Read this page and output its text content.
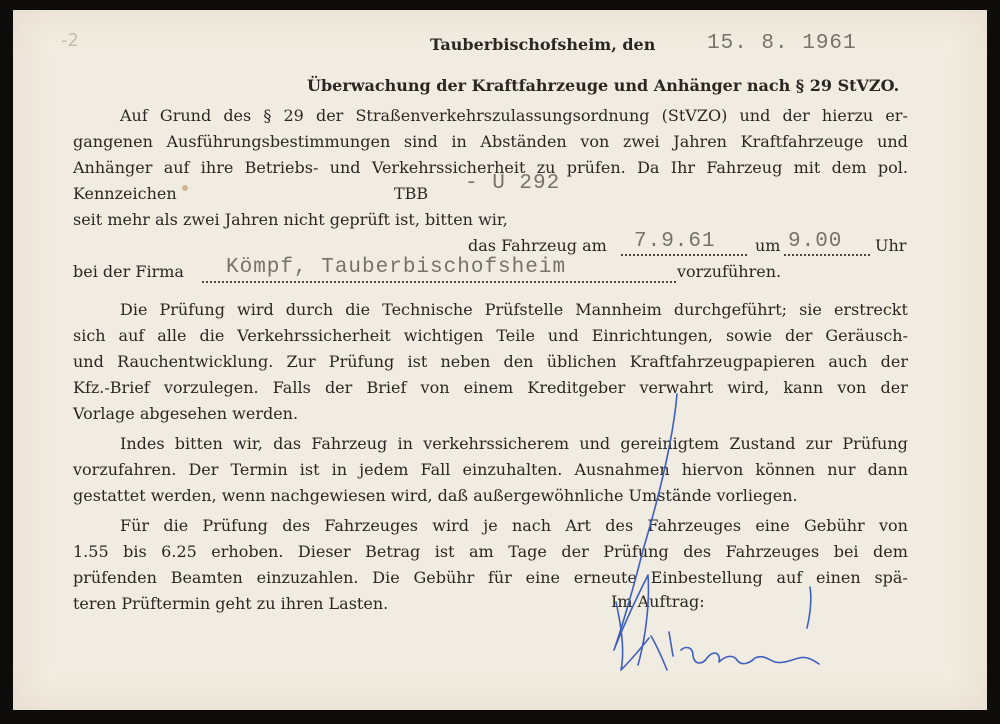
-2	Tauberbischofsheim, den 15. 8. 1961
Überwachung der Kraftfahrzeuge und Anhänger nach § 29 StVZO.
Auf Grund des § 29 der Straßenverkehrszulassungsordnung (StVZO) und der hierzu er-
gangenen Ausführungsbestimmungen sind in Abständen von zwei Jahren Kraftfahrzeuge und
Anhänger auf ihre Betriebs- und Verkehrssicherheit zu prüfen. Da Ihr Fahrzeug mit dem pol.
Kennzeichen	TBB - U 292
seit mehr als zwei Jahren nicht geprüft ist, bitten wir,
das Fahrzeug am 7.9.61 um 9.00 Uhr
bei der Firma Kömpf, Tauberbischofsheim	vorzuführen.
Die Prüfung wird durch die Technische Prüfstelle Mannheim durchgeführt; sie erstreckt
sich auf alle die Verkehrssicherheit wichtigen Teile und Einrichtungen, sowie der Geräusch-
und Rauchentwicklung. Zur Prüfung ist neben den üblichen Kraftfahrzeugpapieren auch der
Kfz.-Brief vorzulegen. Falls der Brief von einem Kreditgeber verwahrt wird, kann von der
Vorlage abgesehen werden.
Indes bitten wir, das Fahrzeug in verkehrssicherem und gereinigtem Zustand zur Prüfung
vorzufahren. Der Termin ist in jedem Fall einzuhalten. Ausnahmen hiervon können nur dann
gestattet werden, wenn nachgewiesen wird, daß außergewöhnliche Umstände vorliegen.
Für die Prüfung des Fahrzeuges wird je nach Art des Fahrzeuges eine Gebühr von
1.55 bis 6.25 erhoben. Dieser Betrag ist am Tage der Prüfung des Fahrzeuges bei dem
prüfenden Beamten einzuzahlen. Die Gebühr für eine erneute Einbestellung auf einen spä-
teren Prüftermin geht zu ihren Lasten.	Im Auftrag:
